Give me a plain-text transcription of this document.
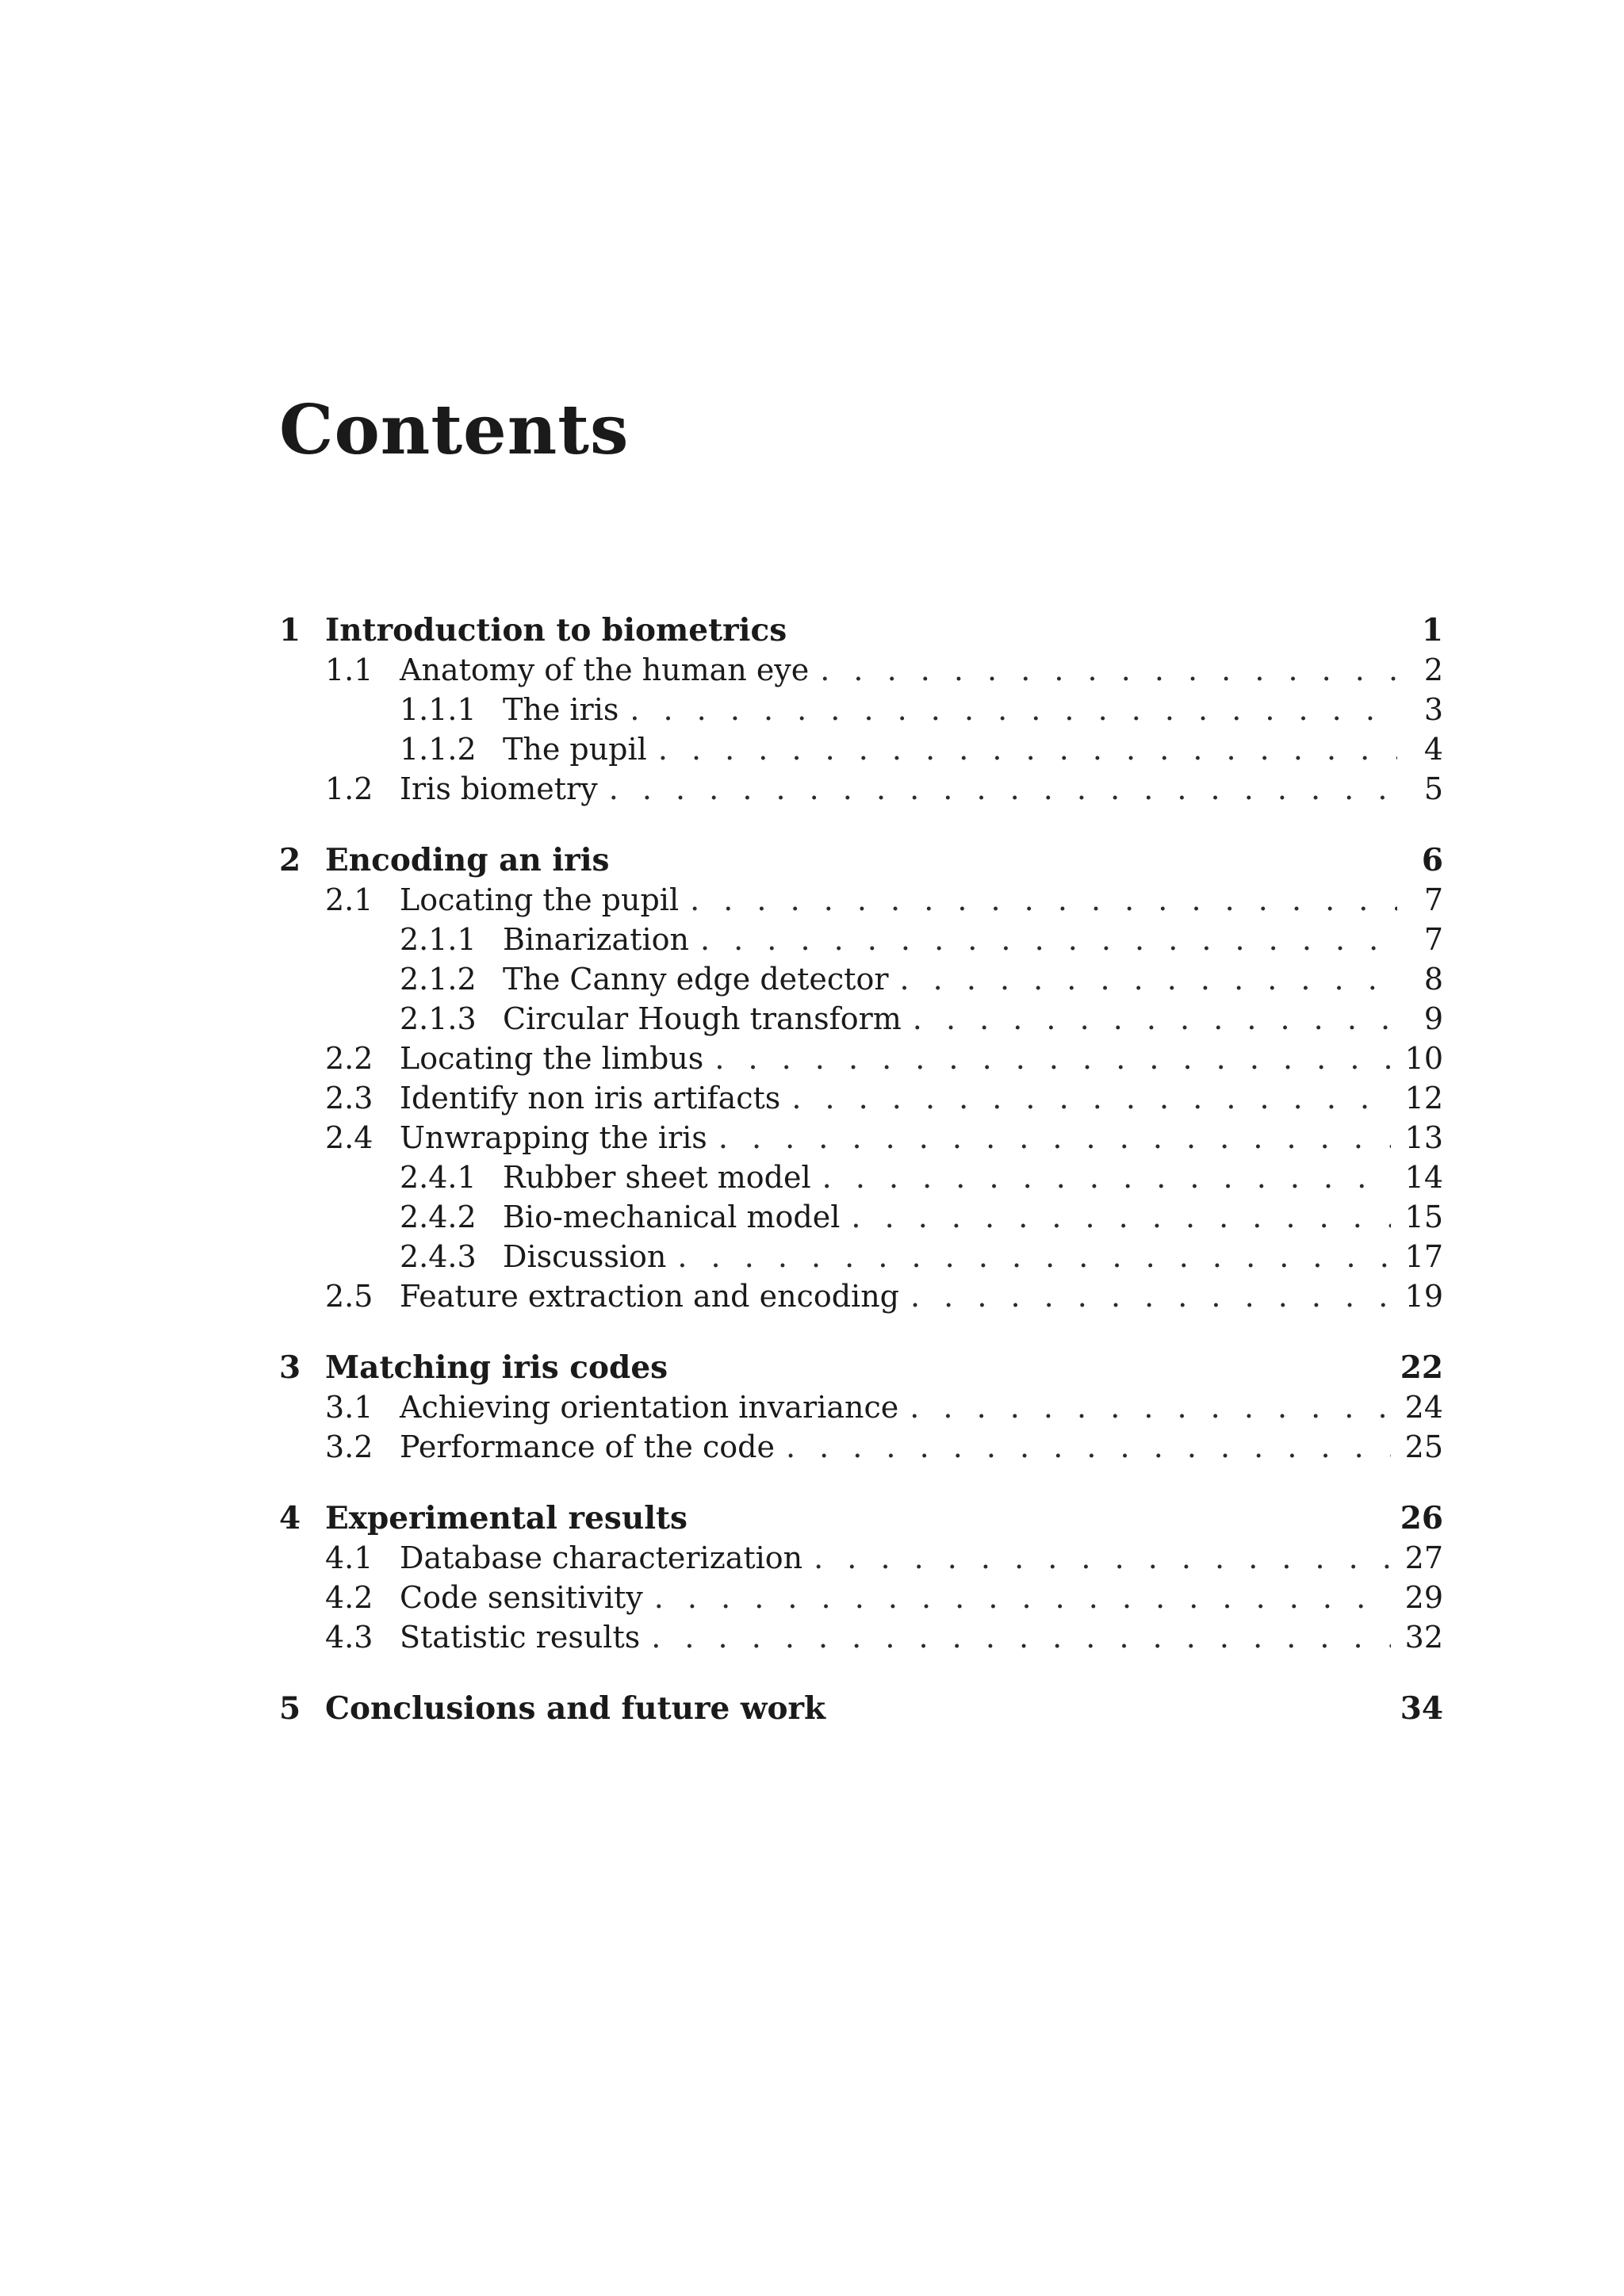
Contents
1 Introduction to biometrics	1
1.1 Anatomy of the human eye . . .	2
1.1.1 The iris . . .	3
1.1.2 The pupil . . .	4
1.2 Iris biometry . . .	5
2 Encoding an iris	6
2.1 Locating the pupil . . .	7
2.1.1 Binarization . . .	7
2.1.2 The Canny edge detector . . .	8
2.1.3 Circular Hough transform . . .	9
2.2 Locating the limbus . . .	10
2.3 Identify non iris artifacts . . .	12
2.4 Unwrapping the iris . . .	13
2.4.1 Rubber sheet model . . .	14
2.4.2 Bio-mechanical model . . .	15
2.4.3 Discussion . . .	17
2.5 Feature extraction and encoding . . .	19
3 Matching iris codes	22
3.1 Achieving orientation invariance . . .	24
3.2 Performance of the code . . .	25
4 Experimental results	26
4.1 Database characterization . . .	27
4.2 Code sensitivity . . .	29
4.3 Statistic results . . .	32
5 Conclusions and future work	34
